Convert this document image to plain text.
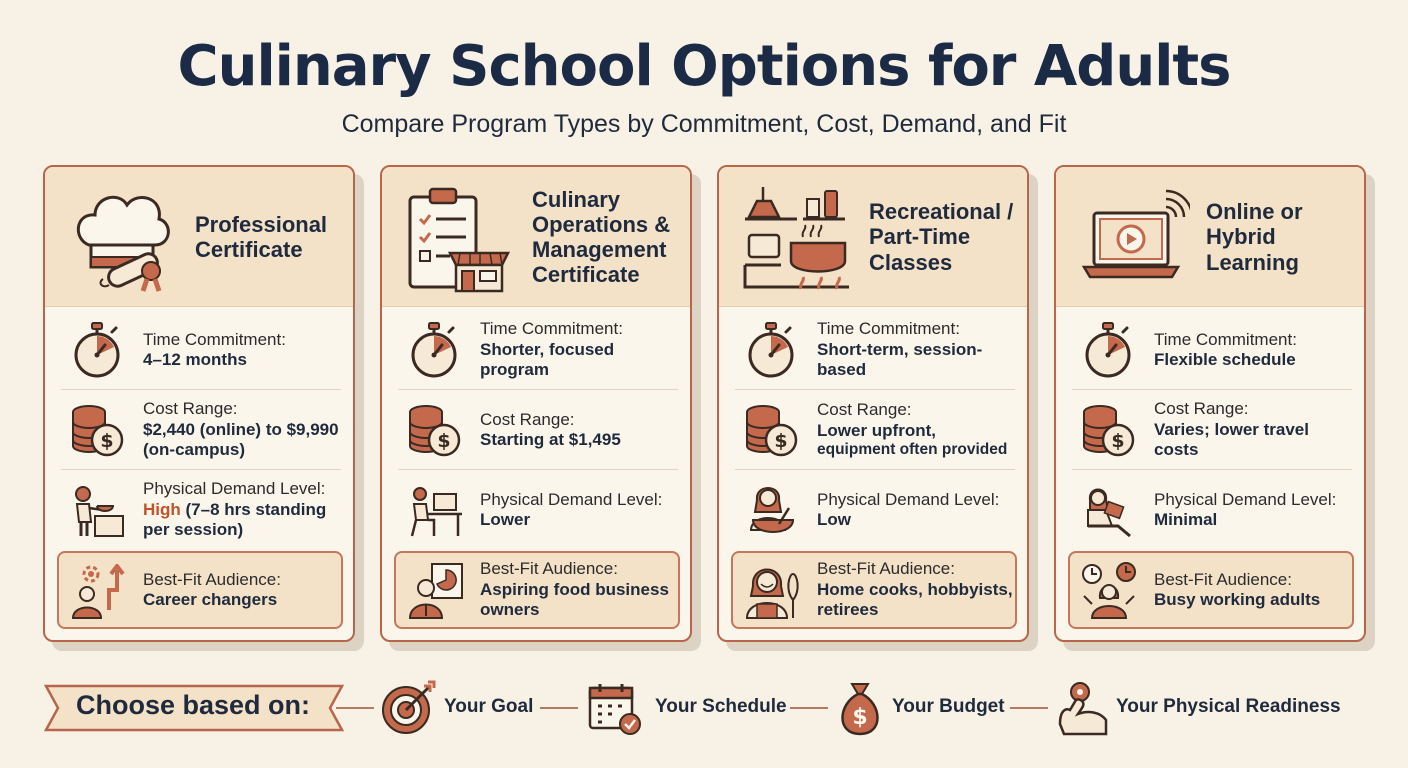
Culinary School Options for Adults
Compare Program Types by Commitment, Cost, Demand, and Fit
Professional Certificate
Time Commitment:
4–12 months
Cost Range:
$2,440 (online) to $9,990 (on-campus)
Physical Demand Level:
High (7–8 hrs standing per session)
Best-Fit Audience:
Career changers
Culinary Operations & Management Certificate
Time Commitment:
Shorter, focused program
Cost Range:
Starting at $1,495
Physical Demand Level:
Lower
Best-Fit Audience:
Aspiring food business owners
Recreational / Part-Time Classes
Time Commitment:
Short-term, session-based
Cost Range:
Lower upfront,
equipment often provided
Physical Demand Level:
Low
Best-Fit Audience:
Home cooks, hobbyists, retirees
Online or Hybrid Learning
Time Commitment:
Flexible schedule
Cost Range:
Varies; lower travel costs
Physical Demand Level:
Minimal
Best-Fit Audience:
Busy working adults
Choose based on:	Your Goal	Your Schedule	$ Your Budget	Your Physical Readiness
